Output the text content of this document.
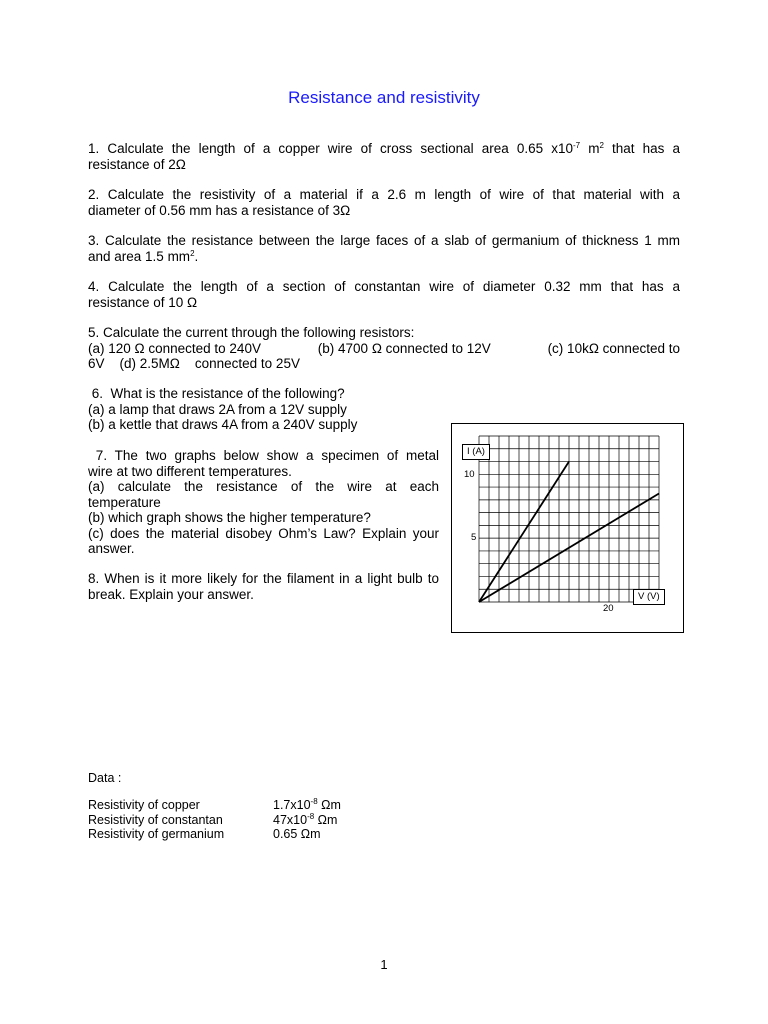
Resistance and resistivity

1. Calculate the length of a copper wire of cross sectional area 0.65 $x10^{-7}$ $m^2$ that has a

resistance of 2Ω

2. Calculate the resistivity of a material if a 2.6 m length of wire of that material with a

diameter of 0.56 mm has a resistance of 3Ω

3. Calculate the resistance between the large faces of a slab of germanium of thickness 1 mm

and area 1.5 $mm^2$.

4. Calculate the length of a section of constantan wire of diameter 0.32 mm that has a

resistance of 10 Ω

5. Calculate the current through the following resistors:

(a) 120 Ω connected to 240V	(b) 4700 Ω connected to 12V	(c) 10kΩ connected to

6V    (d) 2.5MΩ    connected to 25V

6.  What is the resistance of the following?

(a) a lamp that draws 2A from a 12V supply

(b) a kettle that draws 4A from a 240V supply

7. The two graphs below show a specimen of metal

wire at two different temperatures.

(a) calculate the resistance of the wire at each

temperature

(b) which graph shows the higher temperature?

(c) does the material disobey Ohm’s Law? Explain your

answer.

8. When is it more likely for the filament in a light bulb to

break. Explain your answer.

I (A)
V (V)
10
5
20
Data :
Resistivity of copper	$1.7x10^{-8}$ Ωm
Resistivity of constantan	$47x10^{-8}$ Ωm
Resistivity of germanium	0.65 Ωm
1
